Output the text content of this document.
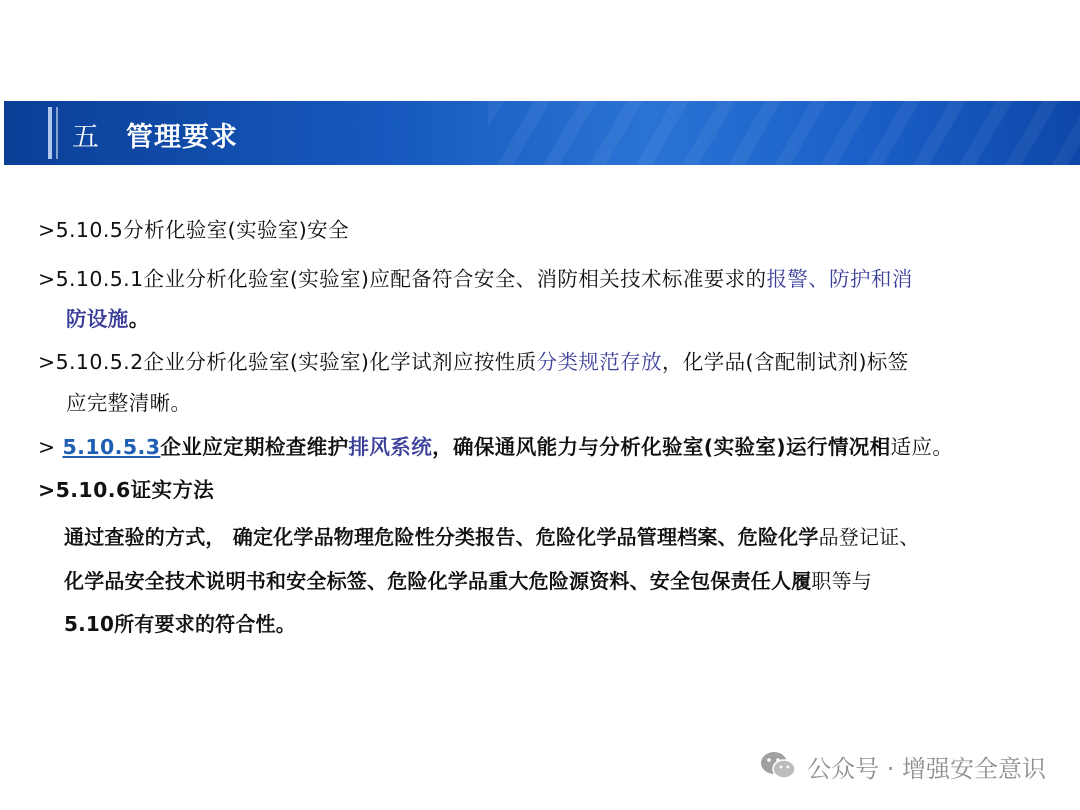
五 管理要求
>5.10.5分析化验室(实验室)安全
>5.10.5.1企业分析化验室(实验室)应配备符合安全、消防相关技术标准要求的报警、防护和消
防设施。
>5.10.5.2企业分析化验室(实验室)化学试剂应按性质分类规范存放，化学品(含配制试剂)标签
应完整清晰。
> 5.10.5.3企业应定期检查维护排风系统，确保通风能力与分析化验室(实验室)运行情况相适应。
>5.10.6证实方法
通过查验的方式， 确定化学品物理危险性分类报告、危险化学品管理档案、危险化学品登记证、
化学品安全技术说明书和安全标签、危险化学品重大危险源资料、安全包保责任人履职等与
5.10所有要求的符合性。
公众号 · 增强安全意识
